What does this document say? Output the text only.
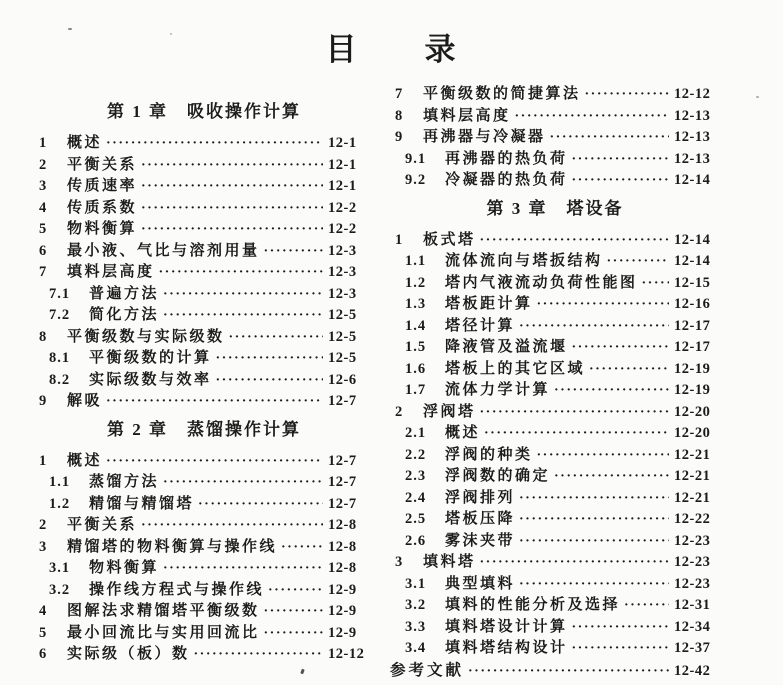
目　　录
第 1 章　吸收操作计算
1	概述 ·····	12-1
2	平衡关系 ·····	12-1
3	传质速率 ·····	12-1
4	传质系数 ·····	12-2
5	物料衡算 ·····	12-2
6	最小液、气比与溶剂用量 ·····	12-3
7	填料层高度 ·····	12-3
7.1	普遍方法 ·····	12-3
7.2	简化方法 ·····	12-5
8	平衡级数与实际级数 ·····	12-5
8.1	平衡级数的计算 ·····	12-5
8.2	实际级数与效率 ·····	12-6
9	解吸 ·····	12-7
第 2 章　蒸馏操作计算
1	概述 ·····	12-7
1.1	蒸馏方法 ·····	12-7
1.2	精馏与精馏塔 ·····	12-7
2	平衡关系 ·····	12-8
3	精馏塔的物料衡算与操作线 ·····	12-8
3.1	物料衡算 ·····	12-8
3.2	操作线方程式与操作线 ·····	12-9
4	图解法求精馏塔平衡级数 ·····	12-9
5	最小回流比与实用回流比 ·····	12-9
6	实际级（板）数 ·····	12-12
7	平衡级数的简捷算法 ·····	12-12
8	填料层高度 ·····	12-13
9	再沸器与冷凝器 ·····	12-13
9.1	再沸器的热负荷 ·····	12-13
9.2	冷凝器的热负荷 ·····	12-14
第 3 章　塔设备
1	板式塔 ·····	12-14
1.1	流体流向与塔扳结构 ·····	12-14
1.2	塔内气液流动负荷性能图 ·····	12-15
1.3	塔板距计算 ·····	12-16
1.4	塔径计算 ·····	12-17
1.5	降液管及溢流堰 ·····	12-17
1.6	塔板上的其它区域 ·····	12-19
1.7	流体力学计算 ·····	12-19
2	浮阀塔 ·····	12-20
2.1	概述 ·····	12-20
2.2	浮阀的种类 ·····	12-21
2.3	浮阀数的确定 ·····	12-21
2.4	浮阀排列 ·····	12-21
2.5	塔板压降 ·····	12-22
2.6	雾沫夹带 ·····	12-23
3	填料塔 ·····	12-23
3.1	典型填料 ·····	12-23
3.2	填料的性能分析及选择 ·····	12-31
3.3	填料塔设计计算 ·····	12-34
3.4	填料塔结构设计 ·····	12-37
参考文献 ·····	12-42
